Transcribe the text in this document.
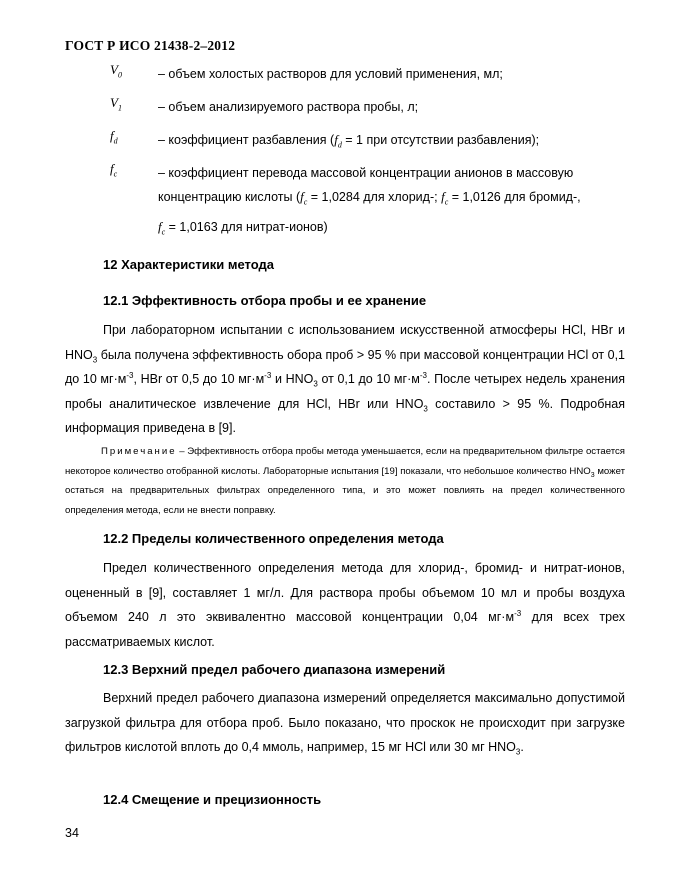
ГОСТ Р ИСО 21438-2–2012
$V_0$	– объем холостых растворов для условий применения, мл;
$V_1$	– объем анализируемого раствора пробы, л;
$f_d$	– коэффициент разбавления ($f_d = 1$ при отсутствии разбавления);
$f_c$	– коэффициент перевода массовой концентрации анионов в массовую
концентрацию кислоты ($f_c = 1,0284$ для хлорид-; $f_c = 1,0126$ для бромид-,
$f_c = 1,0163$ для нитрат-ионов)
12 Характеристики метода
12.1 Эффективность отбора пробы и ее хранение
При лабораторном испытании с использованием искусственной атмосферы HCl, HBr и $HNO_3$ была получена эффективность обора проб > 95 % при массовой концентрации HCl от 0,1 до 10 $мг\cdot м^{-3}$, HBr от 0,5 до 10 $мг\cdot м^{-3}$ и $HNO_3$ от 0,1 до 10 $мг\cdot м^{-3}$. После четырех недель хранения пробы аналитическое извлечение для HCl, HBr или $HNO_3$ составило > 95 %. Подробная информация приведена в [9].
Примечание – Эффективность отбора пробы метода уменьшается, если на предварительном фильтре остается некоторое количество отобранной кислоты. Лабораторные испытания [19] показали, что небольшое количество $HNO_3$ может остаться на предварительных фильтрах определенного типа, и это может повлиять на предел количественного определения метода, если не внести поправку.
12.2 Пределы количественного определения метода
Предел количественного определения метода для хлорид-, бромид- и нитрат-ионов, оцененный в [9], составляет 1 мг/л. Для раствора пробы объемом 10 мл и пробы воздуха объемом 240 л это эквивалентно массовой концентрации 0,04 $мг\cdot м^{-3}$ для всех трех рассматриваемых кислот.
12.3 Верхний предел рабочего диапазона измерений
Верхний предел рабочего диапазона измерений определяется максимально допустимой загрузкой фильтра для отбора проб. Было показано, что проскок не происходит при загрузке фильтров кислотой вплоть до 0,4 ммоль, например, 15 мг HCl или 30 мг $HNO_3$.
12.4 Смещение и прецизионность
34
